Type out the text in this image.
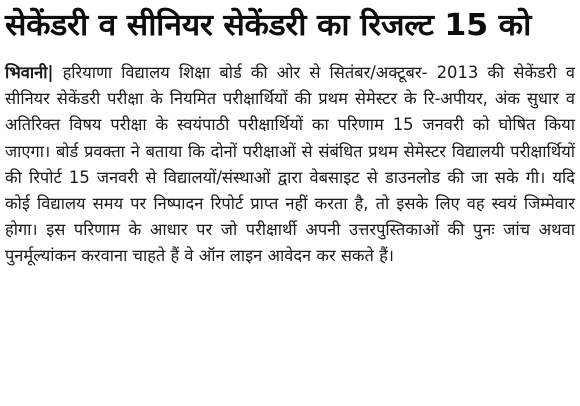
सेकेंडरी व सीनियर सेकेंडरी का रिजल्ट 15 को

भिवानी| हरियाणा विद्यालय शिक्षा बोर्ड की ओर से सितंबर/अक्टूबर- 2013 की सेकेंडरी व सीनियर सेकेंडरी परीक्षा के नियमित परीक्षार्थियों की प्रथम सेमेस्टर के रि-अपीयर, अंक सुधार व अतिरिक्त विषय परीक्षा के स्वयंपाठी परीक्षार्थियों का परिणाम 15 जनवरी को घोषित किया जाएगा। बोर्ड प्रवक्ता ने बताया कि दोनों परीक्षाओं से संबंधित प्रथम सेमेस्टर विद्यालयी परीक्षार्थियों की रिपोर्ट 15 जनवरी से विद्यालयों/संस्थाओं द्वारा वेबसाइट से डाउनलोड की जा सके गी। यदि कोई विद्यालय समय पर निष्पादन रिपोर्ट प्राप्त नहीं करता है, तो इसके लिए वह स्वयं जिम्मेवार होगा। इस परिणाम के आधार पर जो परीक्षार्थी अपनी उत्तरपुस्तिकाओं की पुनः जांच अथवा पुनर्मूल्यांकन करवाना चाहते हैं वे ऑन लाइन आवेदन कर सकते हैं।
